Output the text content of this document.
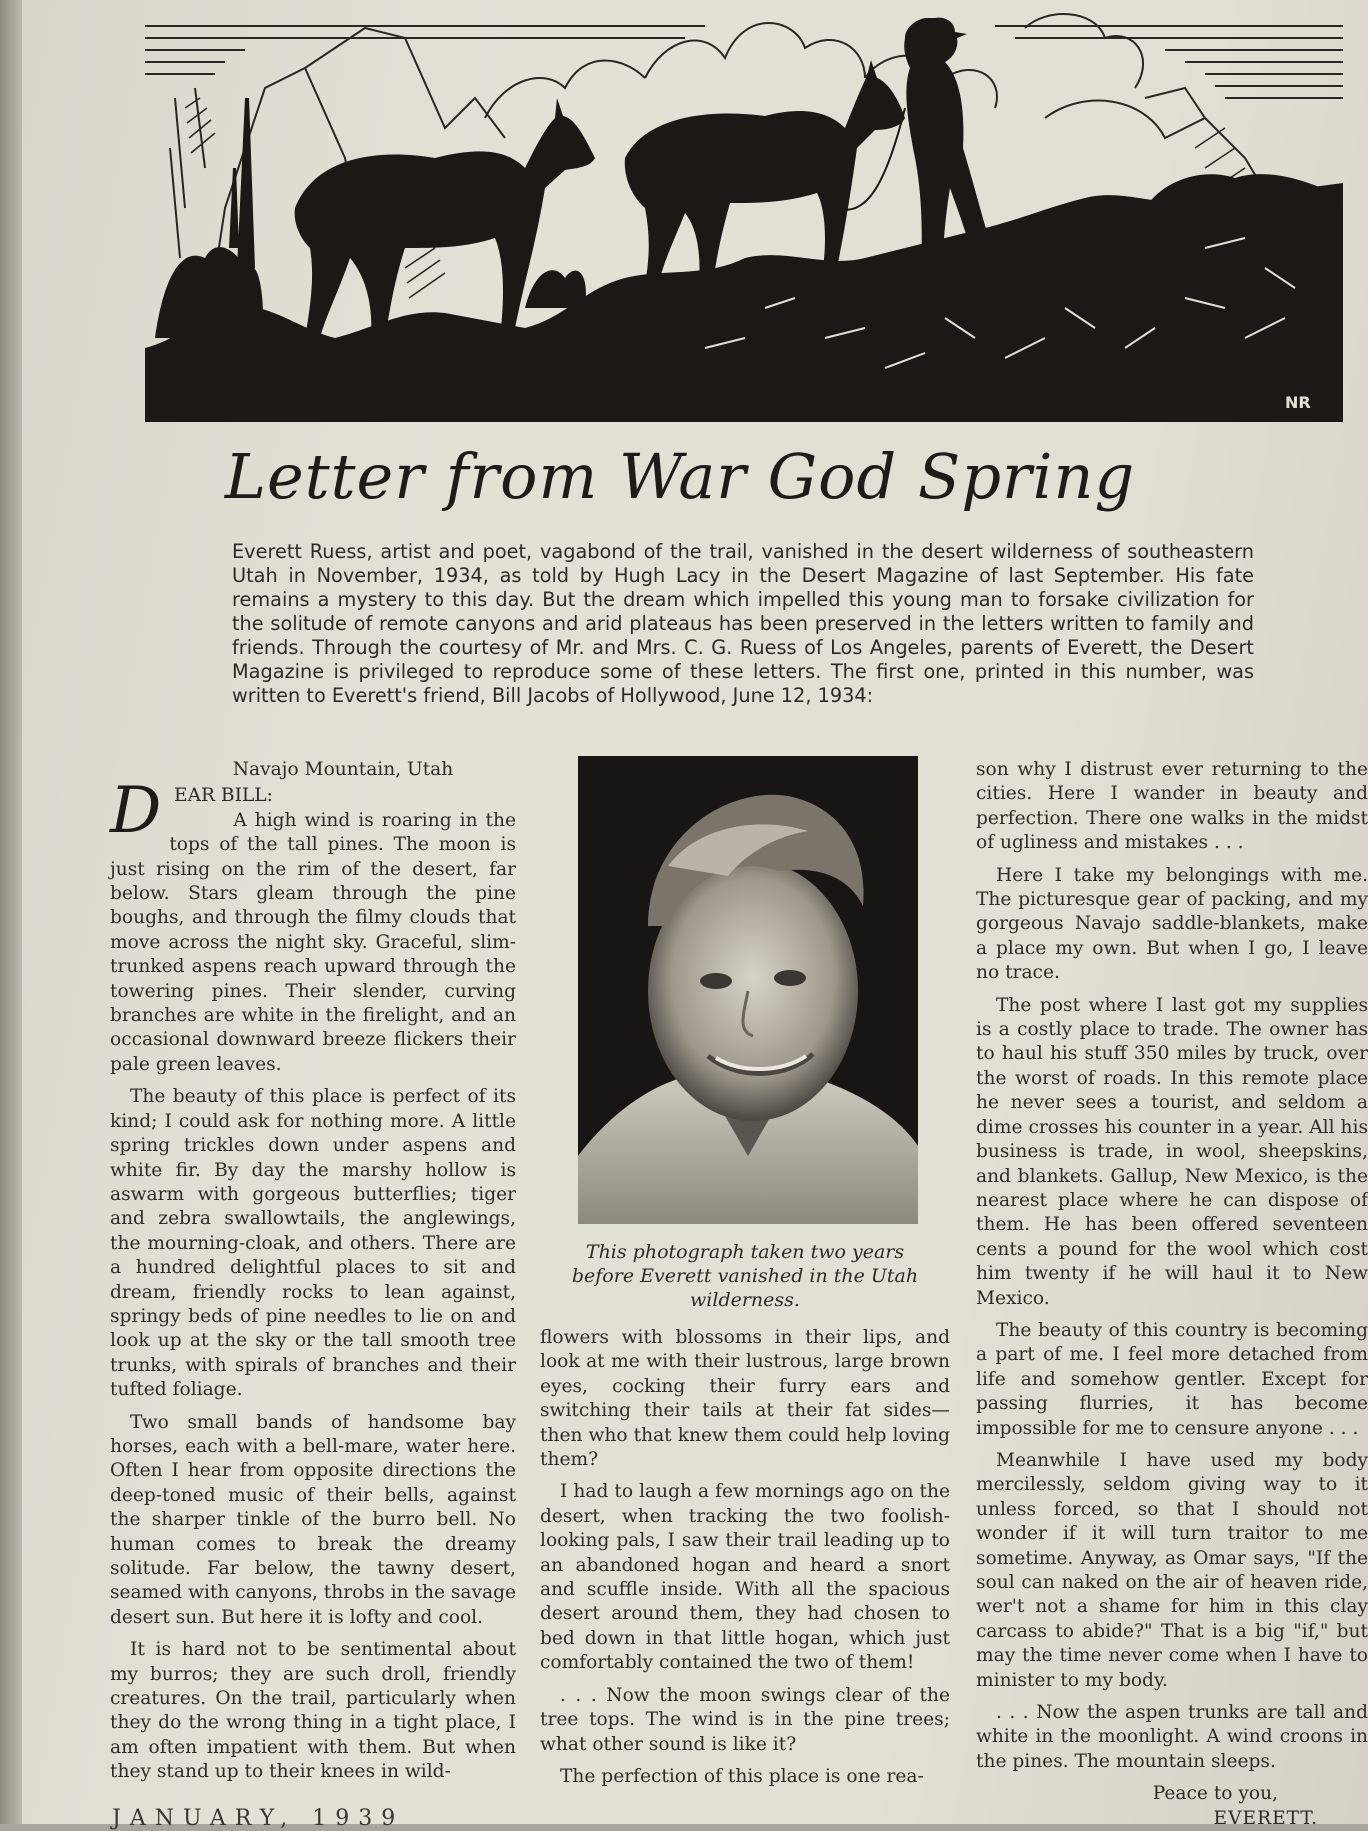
NR
Letter from War God Spring
Everett Ruess, artist and poet, vagabond of the trail, vanished in the desert wilderness of southeastern Utah in November, 1934, as told by Hugh Lacy in the Desert Magazine of last September. His fate remains a mystery to this day. But the dream which impelled this young man to forsake civilization for the solitude of remote canyons and arid plateaus has been preserved in the letters written to family and friends. Through the courtesy of Mr. and Mrs. C. G. Ruess of Los Angeles, parents of Everett, the Desert Magazine is privileged to reproduce some of these letters. The first one, printed in this number, was written to Everett's friend, Bill Jacobs of Hollywood, June 12, 1934:

Navajo Mountain, Utah

D EAR BILL:

A high wind is roaring in the tops of the tall pines. The moon is just rising on the rim of the desert, far below. Stars gleam through the pine boughs, and through the filmy clouds that move across the night sky. Graceful, slim-trunked aspens reach upward through the towering pines. Their slender, curving branches are white in the firelight, and an occasional downward breeze flickers their pale green leaves.

The beauty of this place is perfect of its kind; I could ask for nothing more. A little spring trickles down under aspens and white fir. By day the marshy hollow is aswarm with gorgeous butterflies; tiger and zebra swallowtails, the anglewings, the mourning-cloak, and others. There are a hundred delightful places to sit and dream, friendly rocks to lean against, springy beds of pine needles to lie on and look up at the sky or the tall smooth tree trunks, with spirals of branches and their tufted foliage.

Two small bands of handsome bay horses, each with a bell-mare, water here. Often I hear from opposite directions the deep-toned music of their bells, against the sharper tinkle of the burro bell. No human comes to break the dreamy solitude. Far below, the tawny desert, seamed with canyons, throbs in the savage desert sun. But here it is lofty and cool.

It is hard not to be sentimental about my burros; they are such droll, friendly creatures. On the trail, particularly when they do the wrong thing in a tight place, I am often impatient with them. But when they stand up to their knees in wild-

This photograph taken two years before Everett vanished in the Utah wilderness.

flowers with blossoms in their lips, and look at me with their lustrous, large brown eyes, cocking their furry ears and switching their tails at their fat sides—then who that knew them could help loving them?

I had to laugh a few mornings ago on the desert, when tracking the two foolish-looking pals, I saw their trail leading up to an abandoned hogan and heard a snort and scuffle inside. With all the spacious desert around them, they had chosen to bed down in that little hogan, which just comfortably contained the two of them!

. . . Now the moon swings clear of the tree tops. The wind is in the pine trees; what other sound is like it?

The perfection of this place is one rea-

son why I distrust ever returning to the cities. Here I wander in beauty and perfection. There one walks in the midst of ugliness and mistakes . . .

Here I take my belongings with me. The picturesque gear of packing, and my gorgeous Navajo saddle-blankets, make a place my own. But when I go, I leave no trace.

The post where I last got my supplies is a costly place to trade. The owner has to haul his stuff 350 miles by truck, over the worst of roads. In this remote place he never sees a tourist, and seldom a dime crosses his counter in a year. All his business is trade, in wool, sheepskins, and blankets. Gallup, New Mexico, is the nearest place where he can dispose of them. He has been offered seventeen cents a pound for the wool which cost him twenty if he will haul it to New Mexico.

The beauty of this country is becoming a part of me. I feel more detached from life and somehow gentler. Except for passing flurries, it has become impossible for me to censure anyone . . .

Meanwhile I have used my body mercilessly, seldom giving way to it unless forced, so that I should not wonder if it will turn traitor to me sometime. Anyway, as Omar says, "If the soul can naked on the air of heaven ride, wer't not a shame for him in this clay carcass to abide?" That is a big "if," but may the time never come when I have to minister to my body.

. . . Now the aspen trunks are tall and white in the moonlight. A wind croons in the pines. The mountain sleeps.

Peace to you,

EVERETT.

JANUARY, 1939
